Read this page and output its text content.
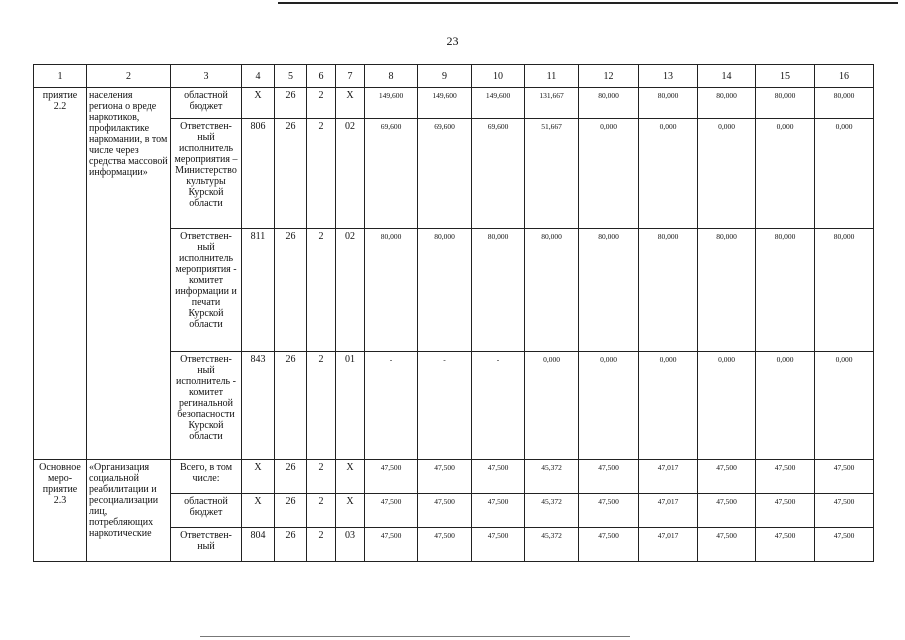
23
1	2	3	4	5	6	7	8	9	10	11	12	13	14	15	16
приятие 2.2	населения региона о вреде наркотиков, профилактике наркомании, в том числе через средства массовой информации»	областной бюджет	Х	26	2	Х	149,600	149,600	149,600	131,667	80,000	80,000	80,000	80,000	80,000
		Ответствен-ный исполнитель мероприятия – Министерство культуры Курской области	806	26	2	02	69,600	69,600	69,600	51,667	0,000	0,000	0,000	0,000	0,000
		Ответствен-ный исполнитель мероприятия - комитет информации и печати Курской области	811	26	2	02	80,000	80,000	80,000	80,000	80,000	80,000	80,000	80,000	80,000
		Ответствен-ный исполнитель - комитет регинальной безопасности Курской области	843	26	2	01	-	-	-	0,000	0,000	0,000	0,000	0,000	0,000
Основное меро-приятие 2.3	«Организация социальной реабилитации и ресоциализации лиц, потребляющих наркотические	Всего, в том числе:	Х	26	2	Х	47,500	47,500	47,500	45,372	47,500	47,017	47,500	47,500	47,500
		областной бюджет	Х	26	2	Х	47,500	47,500	47,500	45,372	47,500	47,017	47,500	47,500	47,500
		Ответствен-ный	804	26	2	03	47,500	47,500	47,500	45,372	47,500	47,017	47,500	47,500	47,500
